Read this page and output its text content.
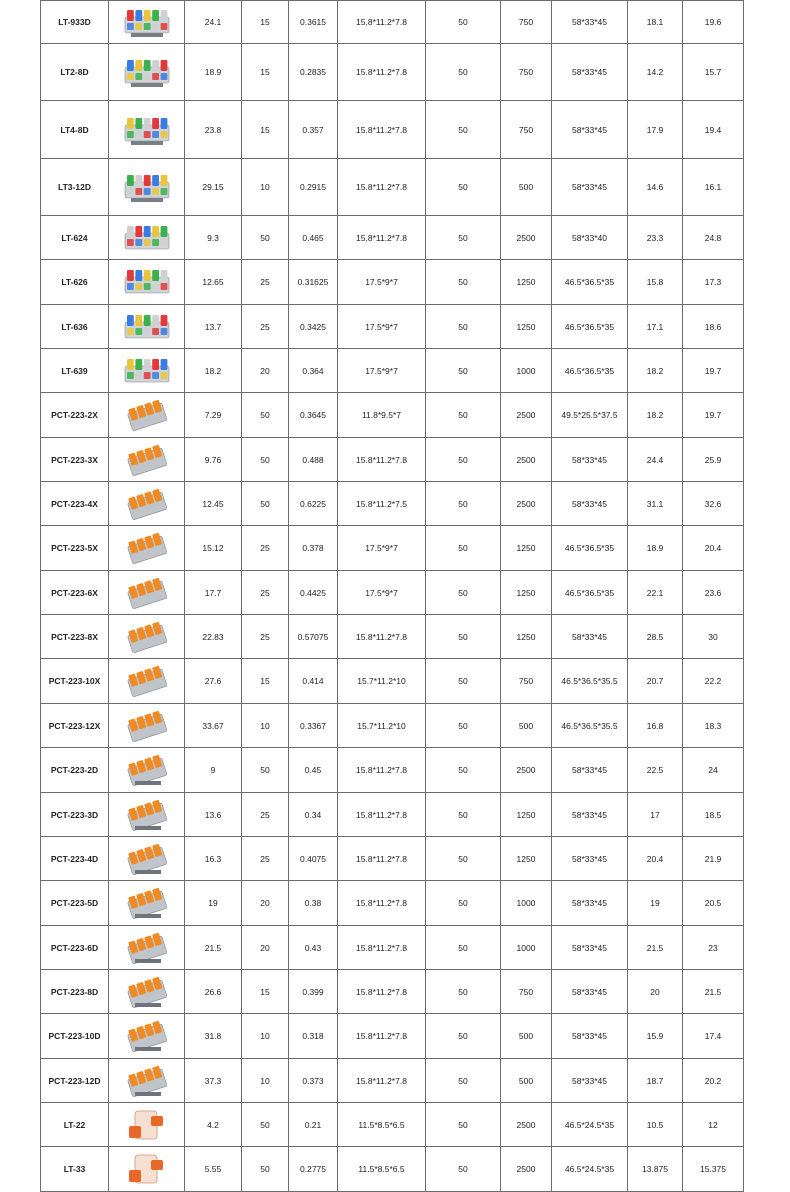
LT-933D		24.1	15	0.3615	15.8*11.2*7.8	50	750	58*33*45	18.1	19.6
LT2-8D		18.9	15	0.2835	15.8*11.2*7.8	50	750	58*33*45	14.2	15.7
LT4-8D		23.8	15	0.357	15.8*11.2*7.8	50	750	58*33*45	17.9	19.4
LT3-12D		29.15	10	0.2915	15.8*11.2*7.8	50	500	58*33*45	14.6	16.1
LT-624		9.3	50	0.465	15.8*11.2*7.8	50	2500	58*33*40	23.3	24.8
LT-626		12.65	25	0.31625	17.5*9*7	50	1250	46.5*36.5*35	15.8	17.3
LT-636		13.7	25	0.3425	17.5*9*7	50	1250	46.5*36.5*35	17.1	18.6
LT-639		18.2	20	0.364	17.5*9*7	50	1000	46.5*36.5*35	18.2	19.7
PCT-223-2X		7.29	50	0.3645	11.8*9.5*7	50	2500	49.5*25.5*37.5	18.2	19.7
PCT-223-3X		9.76	50	0.488	15.8*11.2*7.8	50	2500	58*33*45	24.4	25.9
PCT-223-4X		12.45	50	0.6225	15.8*11.2*7.5	50	2500	58*33*45	31.1	32.6
PCT-223-5X		15.12	25	0.378	17.5*9*7	50	1250	46.5*36.5*35	18.9	20.4
PCT-223-6X		17.7	25	0.4425	17.5*9*7	50	1250	46.5*36.5*35	22.1	23.6
PCT-223-8X		22.83	25	0.57075	15.8*11.2*7.8	50	1250	58*33*45	28.5	30
PCT-223-10X		27.6	15	0.414	15.7*11.2*10	50	750	46.5*36.5*35.5	20.7	22.2
PCT-223-12X		33.67	10	0.3367	15.7*11.2*10	50	500	46.5*36.5*35.5	16.8	18.3
PCT-223-2D		9	50	0.45	15.8*11.2*7.8	50	2500	58*33*45	22.5	24
PCT-223-3D		13.6	25	0.34	15.8*11.2*7.8	50	1250	58*33*45	17	18.5
PCT-223-4D		16.3	25	0.4075	15.8*11.2*7.8	50	1250	58*33*45	20.4	21.9
PCT-223-5D		19	20	0.38	15.8*11.2*7.8	50	1000	58*33*45	19	20.5
PCT-223-6D		21.5	20	0.43	15.8*11.2*7.8	50	1000	58*33*45	21.5	23
PCT-223-8D		26.6	15	0.399	15.8*11.2*7.8	50	750	58*33*45	20	21.5
PCT-223-10D		31.8	10	0.318	15.8*11.2*7.8	50	500	58*33*45	15.9	17.4
PCT-223-12D		37.3	10	0.373	15.8*11.2*7.8	50	500	58*33*45	18.7	20.2
LT-22		4.2	50	0.21	11.5*8.5*6.5	50	2500	46.5*24.5*35	10.5	12
LT-33		5.55	50	0.2775	11.5*8.5*6.5	50	2500	46.5*24.5*35	13.875	15.375
